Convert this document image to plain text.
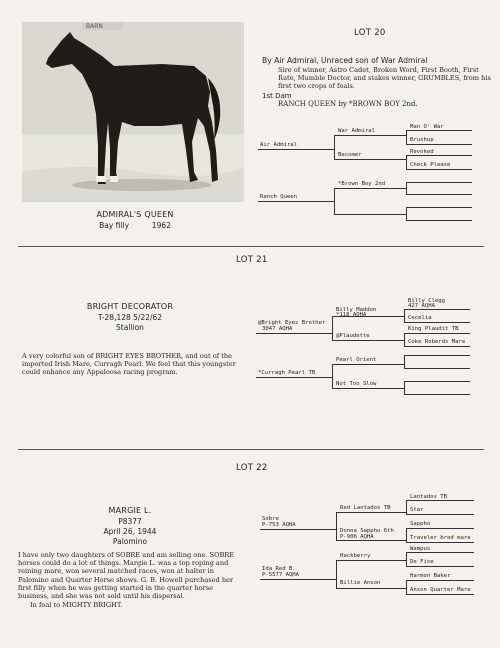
BARN
LOT 20
By Air Admiral, Unraced son of War Admiral
Sire of winner, Astro Cadet, Broken Word, First Booth, First Rate, Mumble Doctor, and stakes winner, GRUMBLES, from his first two crops of foals.
1st Dam
RANCH QUEEN by *BROWN BOY 2nd.
ADMIRAL'S QUEEN
Bay filly	1962
Air Admiral
War Admiral
Becomer
Man O' War
Brushup
Revoked
Check Please
Ranch Queen
*Brown Boy 2nd
LOT 21
BRIGHT DECORATOR
T-28,128 5/22/62
Stallion
A very colorful son of BRIGHT EYES BROTHER, and out of the imported Irish Mare, Curragh Pearl. We feel that this youngster could enhance any Appaloosa racing program.
@Bright Eyes Brother
3047 AQHA
Billy Maddon
*118 AQHA
@Plaudette
Billy Clegg
427 AQHA
Cecelia
King Plaudit TB
Coke Roberds Mare
*Curragh Pearl TB
Pearl Orient
Not Too Slow
LOT 22
MARGIE L.
P8377
April 26, 1944
Palomino
I have only two daughters of SOBRE and am selling one. SOBRE horses could do a lot of things. Margie L. was a top roping and reining mare, won several matched races, won at halter in Palomino and Quarter Horse shows. G. B. Howell purchased her first filly when he was getting started in the quarter horse business, and she was not sold until his dispersal.
In foal to MIGHTY BRIGHT.
Sobre
P-753 AQHA
Red Lantados TB
Donna Sappho 6th
P-906 AQHA
Lantados TB
Star
Sappho
Traveler bred mare
Ida Red B.
P-5577 AQHA
Hackberry
Billie Anson
Wampus
De Fise
Harmon Baker
Anson Quarter Mare
